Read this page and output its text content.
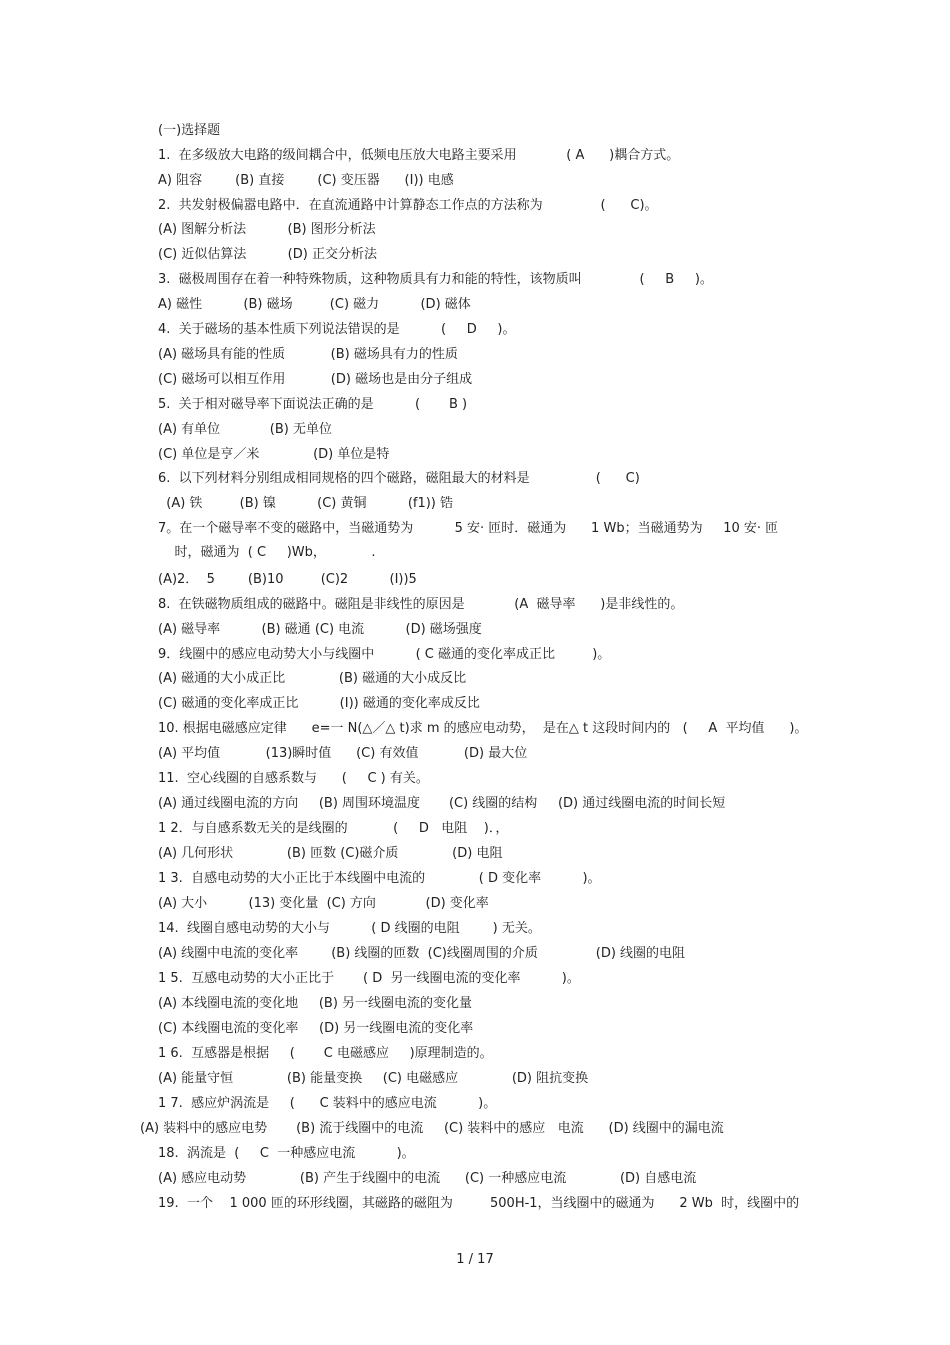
(一)选择题
1.  在多级放大电路的级间耦合中，低频电压放大电路主要采用            ( A      )耦合方式。
A) 阻容        (B) 直接        (C) 变压器      (I)) 电感
2.  共发射极偏嚣电路中．在直流通路中计算静态工作点的方法称为              (      C)。
(A) 图解分析法          (B) 图形分析法
(C) 近似估算法          (D) 正交分析法
3.  磁极周围存在着一种特殊物质，这种物质具有力和能的特性，该物质叫              (     B     )。
A) 磁性          (B) 磁场         (C) 磁力          (D) 磁体
4.  关于磁场的基本性质下列说法错误的是          (     D     )。
(A) 磁场具有能的性质           (B) 磁场具有力的性质
(C) 磁场可以相互作用           (D) 磁场也是由分子组成
5.  关于相对磁导率下面说法正确的是          (       B )
(A) 有单位            (B) 无单位
(C) 单位是亨／米             (D) 单位是特
6.  以下列材料分别组成相同规格的四个磁路，磁阻最大的材料是                (      C)
(A) 铁         (B) 镍          (C) 黄铜          (f1)) 锆
7。在一个磁导率不变的磁路中，当磁通势为          5 安· 匝时．磁通为      1 Wb；当磁通势为     10 安· 匝
时，磁通为  ( C     )Wb，           .
(A)2．  5        (B)10         (C)2          (I))5
8.  在铁磁物质组成的磁路中。磁阻是非线性的原因是            (A  磁导率      )是非线性的。
(A) 磁导率          (B) 磁通 (C) 电流          (D) 磁场强度
9．线圈中的感应电动势大小与线圈中          ( C 磁通的变化率成正比         )。
(A) 磁通的大小成正比             (B) 磁通的大小成反比
(C) 磁通的变化率成正比          (I)) 磁通的变化率成反比
10. 根据电磁感应定律      e=一 N(△／△ t)求 m 的感应电动势，  是在△ t 这段时间内的   (     A  平均值      )。
(A) 平均值           (13)瞬时值      (C) 有效值           (D) 最大位
11.  空心线圈的自感系数与      (     C ) 有关。
(A) 通过线圈电流的方向     (B) 周围环境温度       (C) 线圈的结构     (D) 通过线圈电流的时间长短
1 2．与自感系数无关的是线圈的           (     D   电阻    )．，
(A) 几何形状             (B) 匝数 (C)磁介质             (D) 电阻
1 3.  自感电动势的大小正比于本线圈中电流的             ( D 变化率          )。
(A) 大小          (13) 变化量  (C) 方向            (D) 变化率
14.  线圈自感电动势的大小与          ( D 线圈的电阻        ) 无关。
(A) 线圈中电流的变化率        (B) 线圈的匝数  (C)线圈周围的介质              (D) 线圈的电阻
1 5.  互感电动势的大小正比于       ( D  另一线圈电流的变化率          )。
(A) 本线圈电流的变化地     (B) 另一线圈电流的变化量
(C) 本线圈电流的变化率     (D) 另一线圈电流的变化率
1 6.  互感器是根据     (       C 电磁感应     )原理制造的。
(A) 能量守恒             (B) 能量变换     (C) 电磁感应             (D) 阻抗变换
1 7.  感应炉涡流是     (      C 装料中的感应电流          )。
(A) 装料中的感应电势       (B) 流于线圈中的电流     (C) 装料中的感应   电流      (D) 线圈中的漏电流
18.  涡流是  (     C  一种感应电流          )。
(A) 感应电动势             (B) 产生于线圈中的电流      (C) 一种感应电流             (D) 自感电流
19.  一个    1 000 匝的环形线圈，其磁路的磁阻为         500H-1，当线圈中的磁通为      2 Wb  时，线圈中的
1 / 17
